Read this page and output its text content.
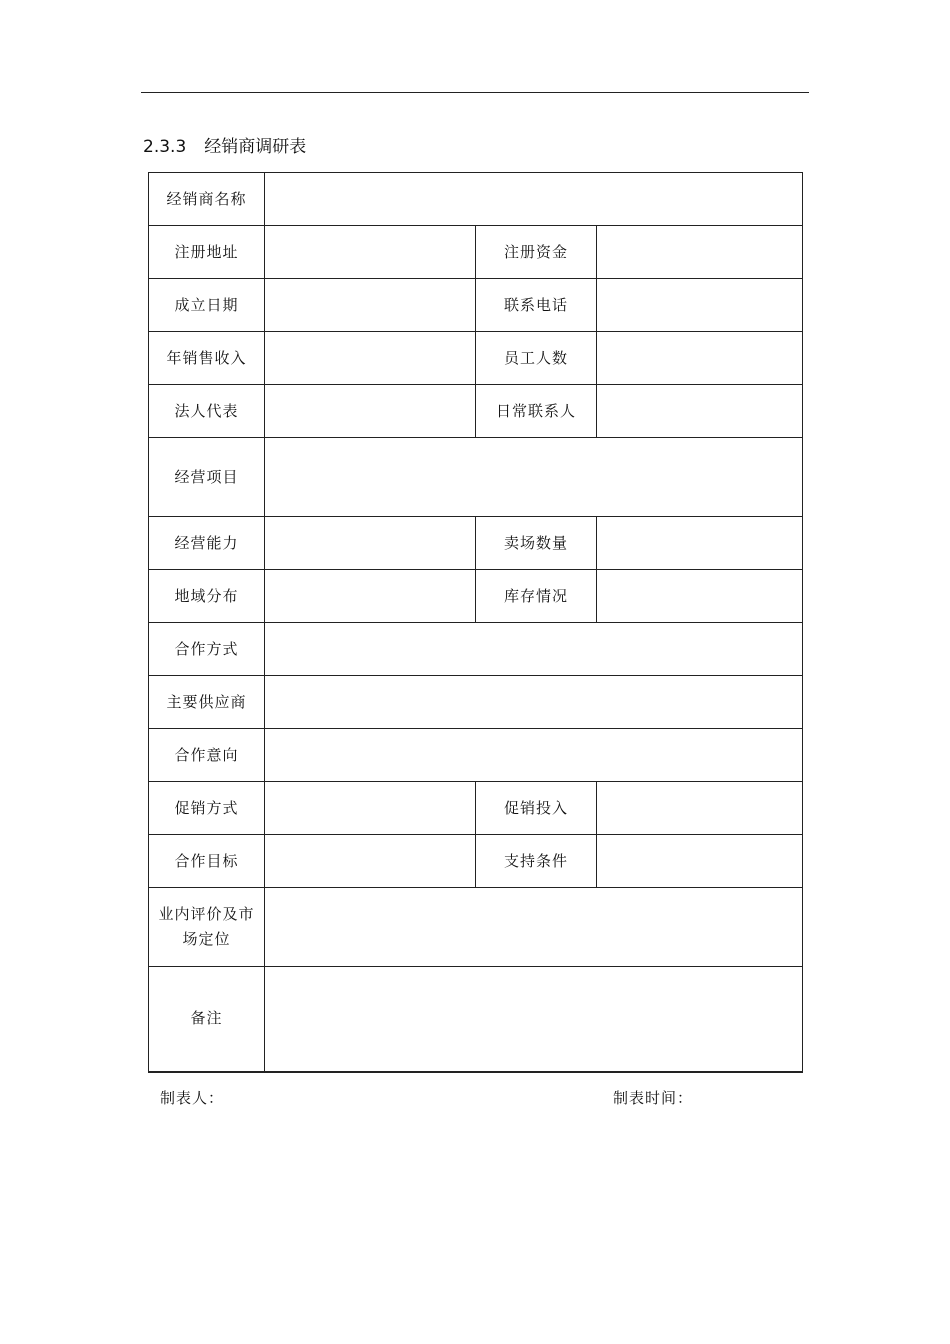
2.3.3 经销商调研表
经销商名称			
注册地址		注册资金	
成立日期		联系电话	
年销售收入		员工人数	
法人代表		日常联系人	
经营项目			
经营能力		卖场数量	
地域分布		库存情况	
合作方式			
主要供应商			
合作意向			
促销方式		促销投入	
合作目标		支持条件	
业内评价及市场定位			
备注			
制表人：	制表时间：
